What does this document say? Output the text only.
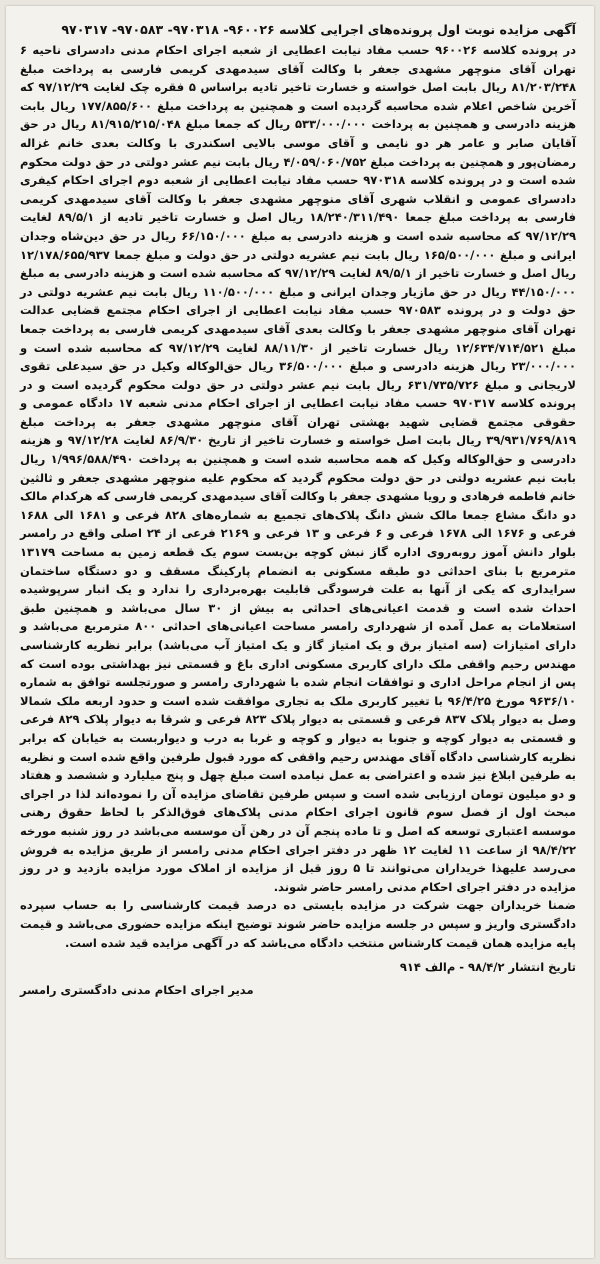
آگهی مزایده نوبت اول پرونده‌های اجرایی کلاسه ۹۶۰۰۲۶- ۹۷۰۳۱۸- ۹۷۰۵۸۳- ۹۷۰۳۱۷

در پرونده کلاسه ۹۶۰۰۲۶ حسب مفاد نیابت اعطایی از شعبه اجرای احکام مدنی دادسرای ناحیه ۶ تهران آقای منوچهر مشهدی جعفر با وکالت آقای سیدمهدی کریمی فارسی به پرداخت مبلغ ۸۱/۲۰۳/۲۴۸ ریال بابت اصل خواسته و خسارت تاخیر تادیه براساس ۵ فقره چک لغایت ۹۷/۱۲/۲۹ که آخرین شاخص اعلام شده محاسبه گردیده است و همچنین به پرداخت مبلغ ۱۷۷/۸۵۵/۶۰۰ ریال بابت هزینه دادرسی و همچنین به پرداخت ۵۳۳/۰۰۰/۰۰۰ ریال که جمعا مبلغ ۸۱/۹۱۵/۲۱۵/۰۴۸ ریال در حق آقایان صابر و عامر هر دو نایمی و آقای موسی بالایی اسکندری با وکالت بعدی خانم غزاله رمضان‌پور و همچنین به پرداخت مبلغ ۴/۰۵۹/۰۶۰/۷۵۲ ریال بابت نیم عشر دولتی در حق دولت محکوم شده است و در پرونده کلاسه ۹۷۰۳۱۸ حسب مفاد نیابت اعطایی از شعبه دوم اجرای احکام کیفری دادسرای عمومی و انقلاب شهری آقای منوچهر مشهدی جعفر با وکالت آقای سیدمهدی کریمی فارسی به پرداخت مبلغ جمعا ۱۸/۲۴۰/۳۱۱/۴۹۰ ریال اصل و خسارت تاخیر تادیه از ۸۹/۵/۱ لغایت ۹۷/۱۲/۲۹ که محاسبه شده است و هزینه دادرسی به مبلغ ۶۶/۱۵۰/۰۰۰ ریال در حق دین‌شاه وجدان ایرانی و مبلغ ۱۶۵/۵۰۰/۰۰۰ ریال بابت نیم عشریه دولتی در حق دولت و مبلغ جمعا ۱۲/۱۷۸/۶۵۵/۹۳۷ ریال اصل و خسارت تاخیر از ۸۹/۵/۱ لغایت ۹۷/۱۲/۲۹ که محاسبه شده است و هزینه دادرسی به مبلغ ۴۴/۱۵۰/۰۰۰ ریال در حق مازیار وجدان ایرانی و مبلغ ۱۱۰/۵۰۰/۰۰۰ ریال بابت نیم عشریه دولتی در حق دولت و در پرونده ۹۷۰۵۸۳ حسب مفاد نیابت اعطایی از اجرای احکام مجتمع قضایی عدالت تهران آقای منوچهر مشهدی جعفر با وکالت بعدی آقای سیدمهدی کریمی فارسی به پرداخت جمعا مبلغ ۱۲/۶۳۴/۷۱۴/۵۲۱ ریال خسارت تاخیر از ۸۸/۱۱/۳۰ لغایت ۹۷/۱۲/۲۹ که محاسبه شده است و ۲۳/۰۰۰/۰۰۰ ریال هزینه دادرسی و مبلغ ۳۶/۵۰۰/۰۰۰ ریال حق‌الوکاله وکیل در حق سیدعلی تقوی لاریجانی و مبلغ ۶۳۱/۷۳۵/۷۲۶ ریال بابت نیم عشر دولتی در حق دولت محکوم گردیده است و در پرونده کلاسه ۹۷۰۳۱۷ حسب مفاد نیابت اعطایی از اجرای احکام مدنی شعبه ۱۷ دادگاه عمومی و حقوقی مجتمع قضایی شهید بهشتی تهران آقای منوچهر مشهدی جعفر به پرداخت مبلغ ۳۹/۹۳۱/۷۶۹/۸۱۹ ریال بابت اصل خواسته و خسارت تاخیر از تاریخ ۸۶/۹/۳۰ لغایت ۹۷/۱۲/۲۸ و هزینه دادرسی و حق‌الوکاله وکیل که همه محاسبه شده است و همچنین به پرداخت ۱/۹۹۶/۵۸۸/۴۹۰ ریال بابت نیم عشریه دولتی در حق دولت محکوم گردید که محکوم علیه منوچهر مشهدی جعفر و ثالثین خانم فاطمه فرهادی و رویا مشهدی جعفر با وکالت آقای سیدمهدی کریمی فارسی که هرکدام مالک دو دانگ مشاع جمعا مالک شش دانگ پلاک‌های تجمیع به شماره‌های ۸۲۸ فرعی و ۱۶۸۱ الی ۱۶۸۸ فرعی و ۱۶۷۶ الی ۱۶۷۸ فرعی و ۶ فرعی و ۱۳ فرعی و ۲۱۶۹ فرعی از ۲۴ اصلی واقع در رامسر بلوار دانش آموز روبه‌روی اداره گاز نبش کوچه بن‌بست سوم یک قطعه زمین به مساحت ۱۳۱۷۹ مترمربع با بنای احداثی دو طبقه مسکونی به انضمام پارکینگ مسقف و دو دستگاه ساختمان سرایداری که یکی از آنها به علت فرسودگی قابلیت بهره‌برداری را ندارد و یک انبار سرپوشیده احداث شده است و قدمت اعیانی‌های احداثی به بیش از ۳۰ سال می‌باشد و همچنین طبق استعلامات به عمل آمده از شهرداری رامسر مساحت اعیانی‌های احداثی ۸۰۰ مترمربع می‌باشد و دارای امتیازات (سه امتیاز برق و یک امتیاز گاز و یک امتیاز آب می‌باشد) برابر نظریه کارشناسی مهندس رحیم واقفی ملک دارای کاربری مسکونی اداری باغ و قسمتی نیز بهداشتی بوده است که پس از انجام مراحل اداری و توافقات انجام شده با شهرداری رامسر و صورتجلسه توافق به شماره ۹۶۳۶/۱۰ مورخ ۹۶/۴/۲۵ با تغییر کاربری ملک به تجاری موافقت شده است و حدود اربعه ملک شمالا وصل به دیوار پلاک ۸۳۷ فرعی و قسمتی به دیوار پلاک ۸۲۳ فرعی و شرقا به دیوار پلاک ۸۲۹ فرعی و قسمتی به دیوار کوچه و جنوبا به دیوار و کوچه و غربا به درب و دیواربست به خیابان که برابر نظریه کارشناسی دادگاه آقای مهندس رحیم واقفی که مورد قبول طرفین واقع شده است و نظریه به طرفین ابلاغ نیز شده و اعتراضی به عمل نیامده است مبلغ چهل و پنج میلیارد و ششصد و هفتاد و دو میلیون تومان ارزیابی شده است و سپس طرفین تقاضای مزایده آن را نموده‌اند لذا در اجرای مبحث اول از فصل سوم قانون اجرای احکام مدنی پلاک‌های فوق‌الذکر با لحاظ حقوق رهنی موسسه اعتباری توسعه که اصل و تا ماده پنجم آن در رهن آن موسسه می‌باشد در روز شنبه مورخه ۹۸/۴/۲۲ از ساعت ۱۱ لغایت ۱۲ ظهر در دفتر اجرای احکام مدنی رامسر از طریق مزایده به فروش می‌رسد علیهذا خریداران می‌توانند تا ۵ روز قبل از مزایده از املاک مورد مزایده بازدید و در روز مزایده در دفتر اجرای احکام مدنی رامسر حاضر شوند.

ضمنا خریداران جهت شرکت در مزایده بایستی ده درصد قیمت کارشناسی را به حساب سپرده دادگستری واریز و سپس در جلسه مزایده حاضر شوند توضیح اینکه مزایده حضوری می‌باشد و قیمت پایه مزایده همان قیمت کارشناس منتخب دادگاه می‌باشد که در آگهی مزایده قید شده است.

تاریخ انتشار ۹۸/۴/۲ - م‌الف ۹۱۴
مدیر اجرای احکام مدنی دادگستری رامسر
